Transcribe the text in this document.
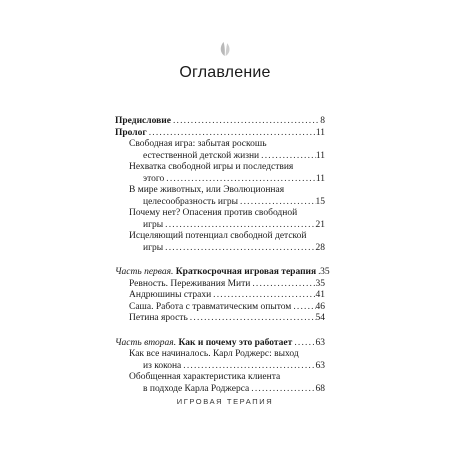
Оглавление
Предисловие .....	8
Пролог .....	11
Свободная игра: забытая роскошь
естественной детской жизни .....	11
Нехватка свободной игры и последствия
этого .....	11
В мире животных, или Эволюционная
целесообразность игры .....	15
Почему нет? Опасения против свободной
игры .....	21
Исцеляющий потенциал свободной детской
игры .....	28
Часть первая. Краткосрочная игровая терапия ..... 35
Ревность. Переживания Мити .....	35
Андрюшины страхи .....	41
Саша. Работа с травматическим опытом .....	46
Петина ярость .....	54
Часть вторая. Как и почему это работает ..... 63
Как все начиналось. Карл Роджерс: выход
из кокона .....	63
Обобщенная характеристика клиента
в подходе Карла Роджерса .....	68
ИГРОВАЯ ТЕРАПИЯ
